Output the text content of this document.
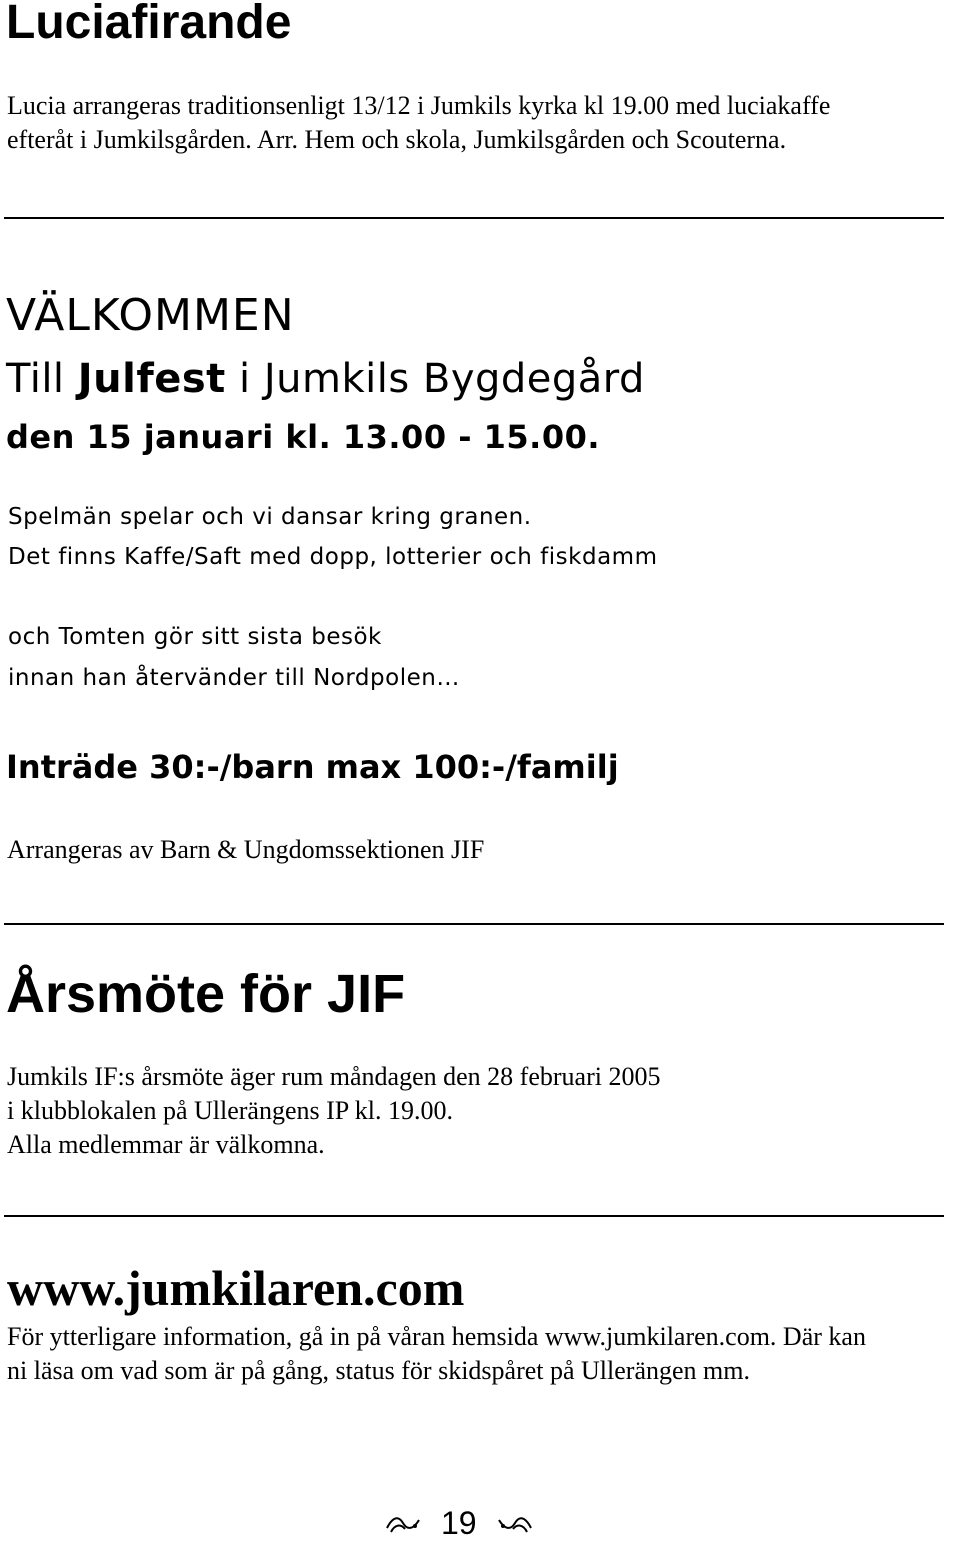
Luciafirande
Lucia arrangeras traditionsenligt 13/12 i Jumkils kyrka kl 19.00 med luciakaffe
efteråt i Jumkilsgården. Arr. Hem och skola, Jumkilsgården och Scouterna.
VÄLKOMMEN
Till Julfest i Jumkils Bygdegård
den 15 januari kl. 13.00 - 15.00.
Spelmän spelar och vi dansar kring granen.
Det finns Kaffe/Saft med dopp, lotterier och fiskdamm
och Tomten gör sitt sista besök
innan han återvänder till Nordpolen…
Inträde 30:-/barn max 100:-/familj
Arrangeras av Barn & Ungdomssektionen JIF
Årsmöte för JIF
Jumkils IF:s årsmöte äger rum måndagen den 28 februari 2005
i klubblokalen på Ullerängens IP kl. 19.00.
Alla medlemmar är välkomna.
www.jumkilaren.com
För ytterligare information, gå in på våran hemsida www.jumkilaren.com. Där kan
ni läsa om vad som är på gång, status för skidspåret på Ullerängen mm.
19
